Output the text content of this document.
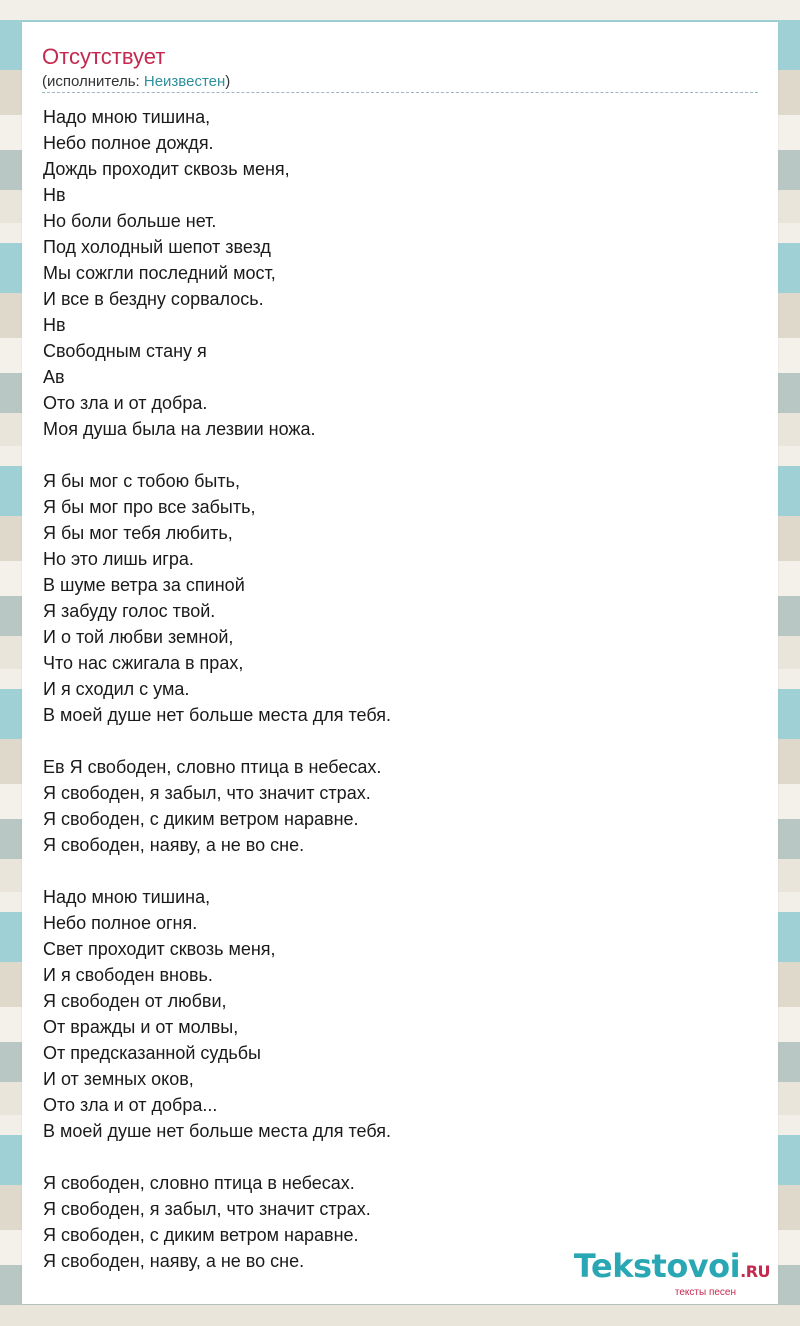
Отсутствует
(исполнитель: Неизвестен)
Надо мною тишина,
Небо полное дождя.
Дождь проходит сквозь меня,
Нв
Но боли больше нет.
Под холодный шепот звезд
Мы сожгли последний мост,
И все в бездну сорвалось.
Нв
Свободным стану я
Ав
Ото зла и от добра.
Моя душа была на лезвии ножа.
Я бы мог с тобою быть,
Я бы мог про все забыть,
Я бы мог тебя любить,
Но это лишь игра.
В шуме ветра за спиной
Я забуду голос твой.
И о той любви земной,
Что нас сжигала в прах,
И я сходил с ума.
В моей душе нет больше места для тебя.
Ев Я свободен, словно птица в небесах.
Я свободен, я забыл, что значит страх.
Я свободен, с диким ветром наравне.
Я свободен, наяву, а не во сне.
Надо мною тишина,
Небо полное огня.
Свет проходит сквозь меня,
И я свободен вновь.
Я свободен от любви,
От вражды и от молвы,
От предсказанной судьбы
И от земных оков,
Ото зла и от добра...
В моей душе нет больше места для тебя.
Я свободен, словно птица в небесах.
Я свободен, я забыл, что значит страх.
Я свободен, с диким ветром наравне.
Я свободен, наяву, а не во сне.	Tekstovoi.RU
тексты песен
